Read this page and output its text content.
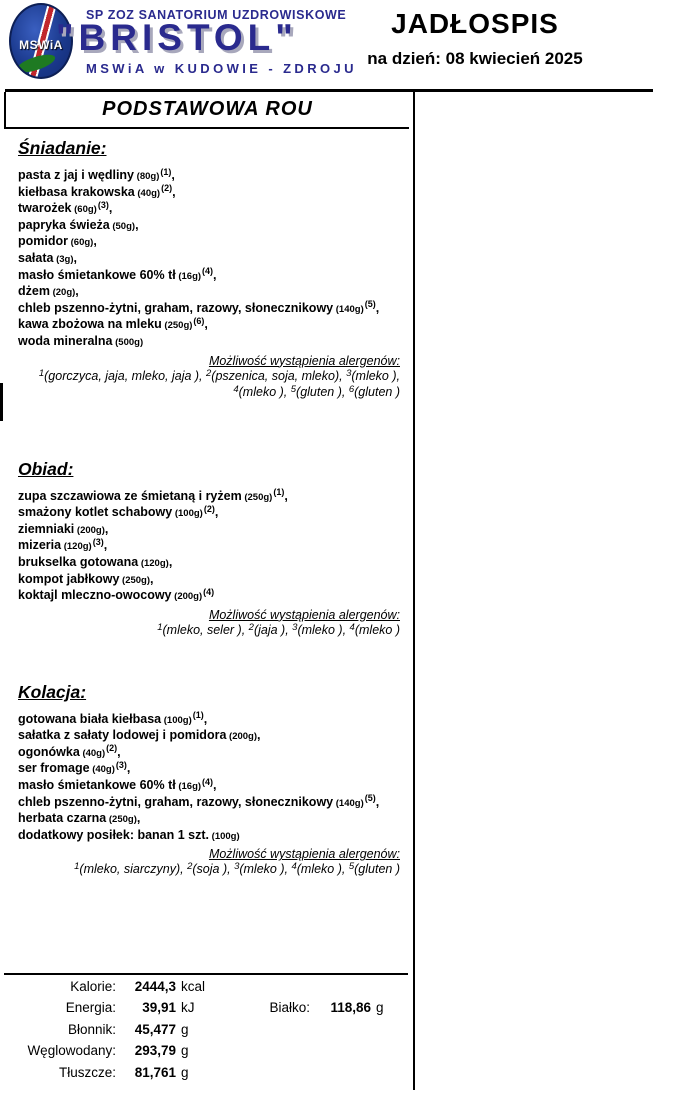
MSWiA
SP ZOZ SANATORIUM UZDROWISKOWE
"BRISTOL"
MSWiA w KUDOWIE - ZDROJU
JADŁOSPIS
na dzień: 08 kwiecień 2025
PODSTAWOWA ROU
Śniadanie:
pasta z jaj i wędliny $(80g)^{(1)}$,
kiełbasa krakowska $(40g)^{(2)}$,
twarożek $(60g)^{(3)}$,
papryka świeża (50g),
pomidor (60g),
sałata (3g),
masło śmietankowe 60% tł $(16g)^{(4)}$,
dżem (20g),
chleb pszenno-żytni, graham, razowy, słonecznikowy $(140g)^{(5)}$,
kawa zbożowa na mleku $(250g)^{(6)}$,
woda mineralna (500g)
Możliwość wystąpienia alergenów:
$^1$(gorczyca, jaja, mleko, jaja ), $^2$(pszenica, soja, mleko), $^3$(mleko ),
$^4$(mleko ), $^5$(gluten ), $^6$(gluten )
Obiad:
zupa szczawiowa ze śmietaną i ryżem $(250g)^{(1)}$,
smażony kotlet schabowy $(100g)^{(2)}$,
ziemniaki (200g),
mizeria $(120g)^{(3)}$,
brukselka gotowana (120g),
kompot jabłkowy (250g),
koktajl mleczno-owocowy $(200g)^{(4)}$
Możliwość wystąpienia alergenów:
$^1$(mleko, seler ), $^2$(jaja ), $^3$(mleko ), $^4$(mleko )
Kolacja:
gotowana biała kiełbasa $(100g)^{(1)}$,
sałatka z sałaty lodowej i pomidora (200g),
ogonówka $(40g)^{(2)}$,
ser fromage $(40g)^{(3)}$,
masło śmietankowe 60% tł $(16g)^{(4)}$,
chleb pszenno-żytni, graham, razowy, słonecznikowy $(140g)^{(5)}$,
herbata czarna (250g),
dodatkowy posiłek: banan 1 szt. (100g)
Możliwość wystąpienia alergenów:
$^1$(mleko, siarczyny), $^2$(soja ), $^3$(mleko ), $^4$(mleko ), $^5$(gluten )
Kalorie:	2444,3 kcal
Energia:	39,91 kJ	Białko:	118,86 g
Błonnik:	45,477 g
Węglowodany:	293,79 g
Tłuszcze:	81,761 g
